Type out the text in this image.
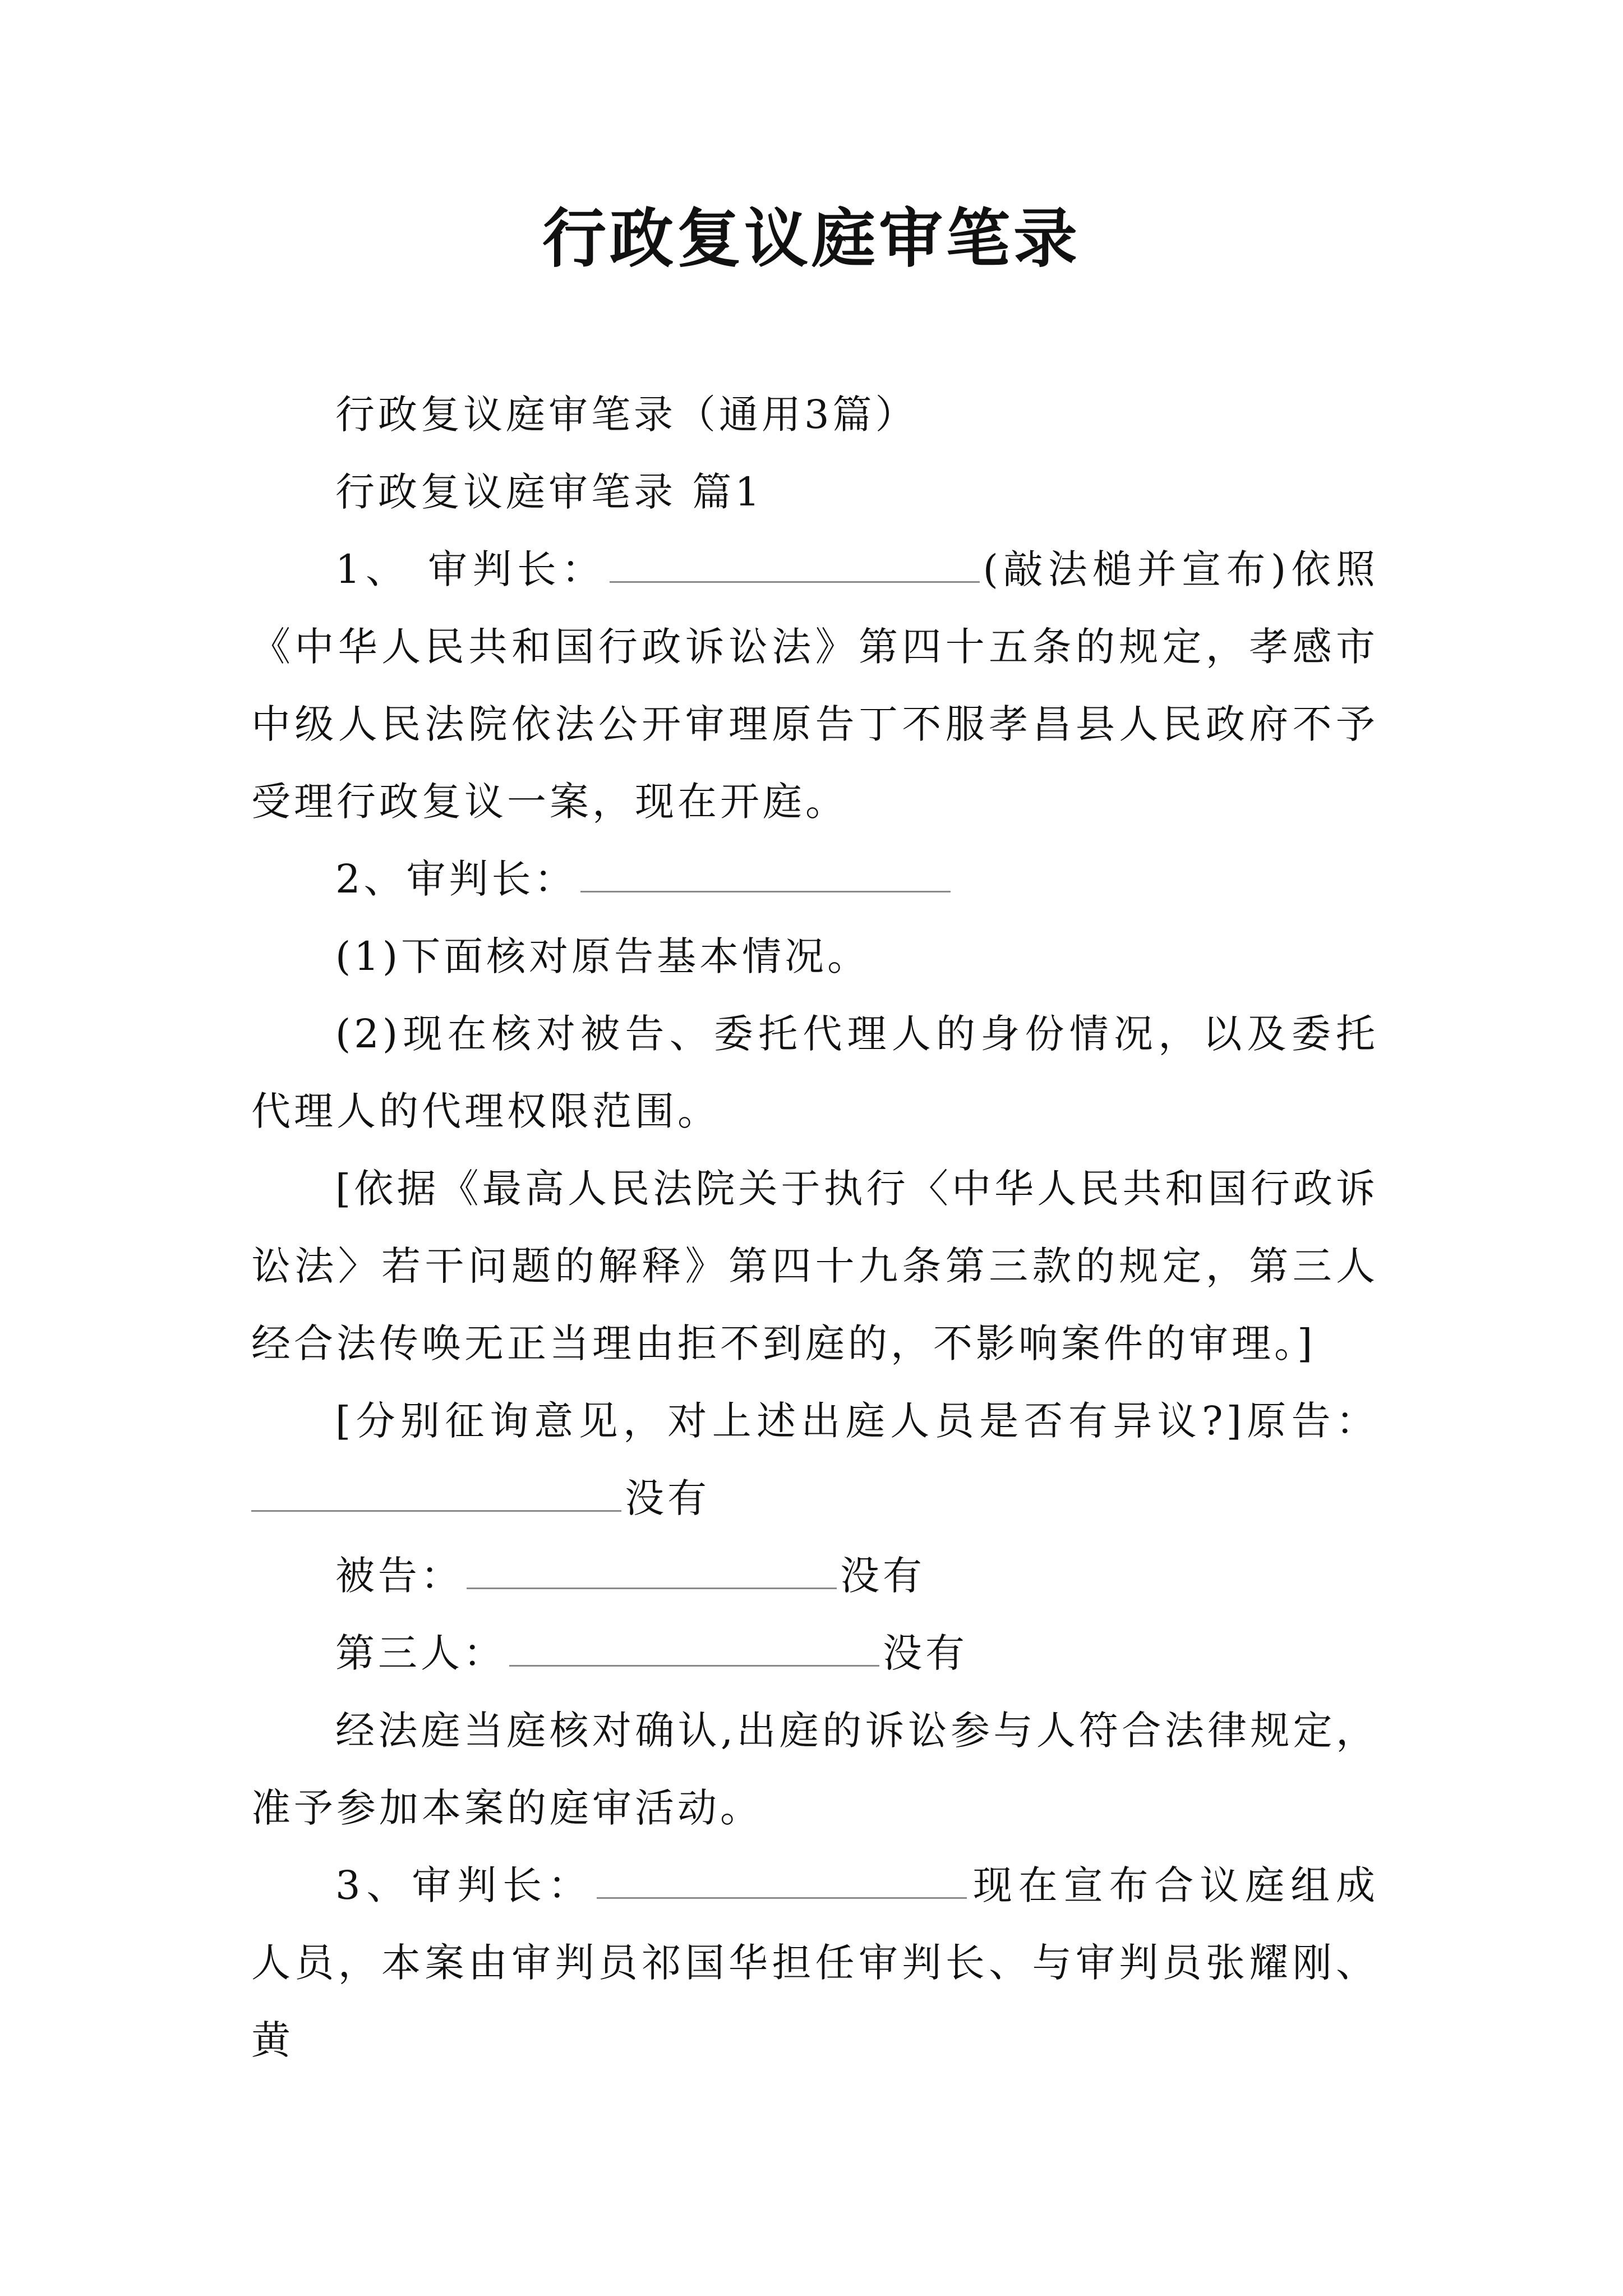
行政复议庭审笔录

行政复议庭审笔录（通用3篇）

行政复议庭审笔录 篇1

1、 审判长：	(敲法槌并宣布)依照《中华人民共和国行政诉讼法》第四十五条的规定，孝感市中级人民法院依法公开审理原告丁不服孝昌县人民政府不予受理行政复议一案，现在开庭。

2、审判长：

(1)下面核对原告基本情况。

(2)现在核对被告、委托代理人的身份情况，以及委托代理人的代理权限范围。

[依据《最高人民法院关于执行〈中华人民共和国行政诉讼法〉若干问题的解释》第四十九条第三款的规定，第三人经合法传唤无正当理由拒不到庭的，不影响案件的审理。]

[分别征询意见，对上述出庭人员是否有异议?]原告：没有

被告：	没有

第三人：	没有

经法庭当庭核对确认,出庭的诉讼参与人符合法律规定，准予参加本案的庭审活动。

3、审判长：	现在宣布合议庭组成人员，本案由审判员祁国华担任审判长、与审判员张耀刚、黄
